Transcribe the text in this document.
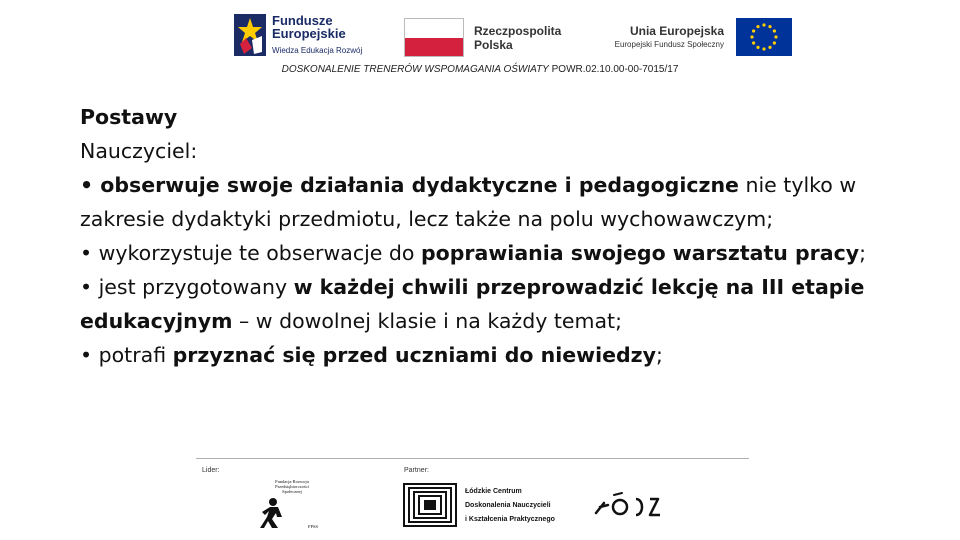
Fundusze
Europejskie
Wiedza Edukacja Rozwój
Rzeczpospolita
Polska
Unia Europejska
Europejski Fundusz Społeczny
DOSKONALENIE TRENERÓW WSPOMAGANIA OŚWIATY POWR.02.10.00-00-7015/17

Postawy

Nauczyciel:

• obserwuje swoje działania dydaktyczne i pedagogiczne nie tylko w zakresie dydaktyki przedmiotu, lecz także na polu wychowawczym;

• wykorzystuje te obserwacje do poprawiania swojego warsztatu pracy;

• jest przygotowany w każdej chwili przeprowadzić lekcję na III etapie edukacyjnym – w dowolnej klasie i na każdy temat;

• potrafi przyznać się przed uczniami do niewiedzy;

Lider:	Partner:
Fundacja Rozwoju Przedsiębiorczości Społecznej
FPSS
Łódzkie Centrum
Doskonalenia Nauczycieli
i Kształcenia Praktycznego
